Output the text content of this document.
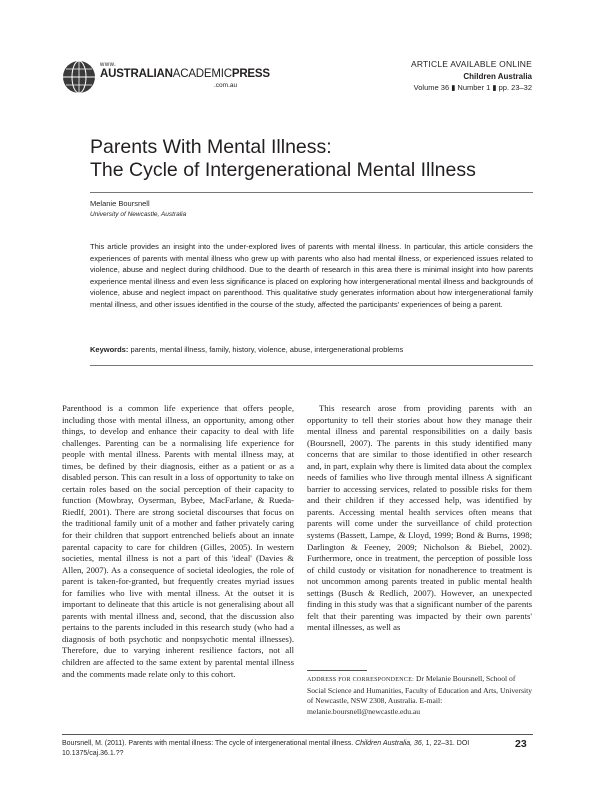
www.
AUSTRALIANACADEMICPRESS
.com.au
ARTICLE AVAILABLE ONLINE
Children Australia
Volume 36 ▮ Number 1 ▮ pp. 23–32
Parents With Mental Illness:
The Cycle of Intergenerational Mental Illness
Melanie Boursnell
University of Newcastle, Australia
This article provides an insight into the under-explored lives of parents with mental illness. In particular, this article considers the experiences of parents with mental illness who grew up with parents who also had mental illness, or experienced issues related to violence, abuse and neglect during childhood. Due to the dearth of research in this area there is minimal insight into how parents experience mental illness and even less significance is placed on exploring how intergenerational mental illness and backgrounds of violence, abuse and neglect impact on parenthood. This qualitative study generates information about how intergenerational family mental illness, and other issues identified in the course of the study, affected the participants' experiences of being a parent.
Keywords: parents, mental illness, family, history, violence, abuse, intergenerational problems
Parenthood is a common life experience that offers people, including those with mental illness, an opportunity, among other things, to develop and enhance their capacity to deal with life challenges. Parenting can be a normalising life experience for people with mental illness. Parents with mental illness may, at times, be defined by their diagnosis, either as a patient or as a disabled person. This can result in a loss of opportunity to take on certain roles based on the social perception of their capacity to function (Mowbray, Oyserman, Bybee, MacFarlane, & Rueda-Riedlf, 2001). There are strong societal discourses that focus on the traditional family unit of a mother and father privately caring for their children that support entrenched beliefs about an innate parental capacity to care for children (Gilles, 2005). In western societies, mental illness is not a part of this 'ideal' (Davies & Allen, 2007). As a consequence of societal ideologies, the role of parent is taken-for-granted, but frequently creates myriad issues for families who live with mental illness. At the outset it is important to delineate that this article is not generalising about all parents with mental illness and, second, that the discussion also pertains to the parents included in this research study (who had a diagnosis of both psychotic and nonpsychotic mental illnesses). Therefore, due to varying inherent resilience factors, not all children are affected to the same extent by parental mental illness and the comments made relate only to this cohort.
This research arose from providing parents with an opportunity to tell their stories about how they manage their mental illness and parental responsibilities on a daily basis (Boursnell, 2007). The parents in this study identified many concerns that are similar to those identified in other research and, in part, explain why there is limited data about the complex needs of families who live through mental illness A significant barrier to accessing services, related to possible risks for them and their children if they accessed help, was identified by parents. Accessing mental health services often means that parents will come under the surveillance of child protection systems (Bassett, Lampe, & Lloyd, 1999; Bond & Burns, 1998; Darlington & Feeney, 2009; Nicholson & Biebel, 2002). Furthermore, once in treatment, the perception of possible loss of child custody or visitation for nonadherence to treatment is not uncommon among parents treated in public mental health settings (Busch & Redlich, 2007). However, an unexpected finding in this study was that a significant number of the parents felt that their parenting was impacted by their own parents' mental illnesses, as well as
ADDRESS FOR CORRESPONDENCE: Dr Melanie Boursnell, School of Social Science and Humanities, Faculty of Education and Arts, University of Newcastle, NSW 2308, Australia. E-mail: melanie.boursnell@newcastle.edu.au
Boursnell, M. (2011). Parents with mental illness: The cycle of intergenerational mental illness. Children Australia, 36, 1, 22–31. DOI 10.1375/caj.36.1.??
23
